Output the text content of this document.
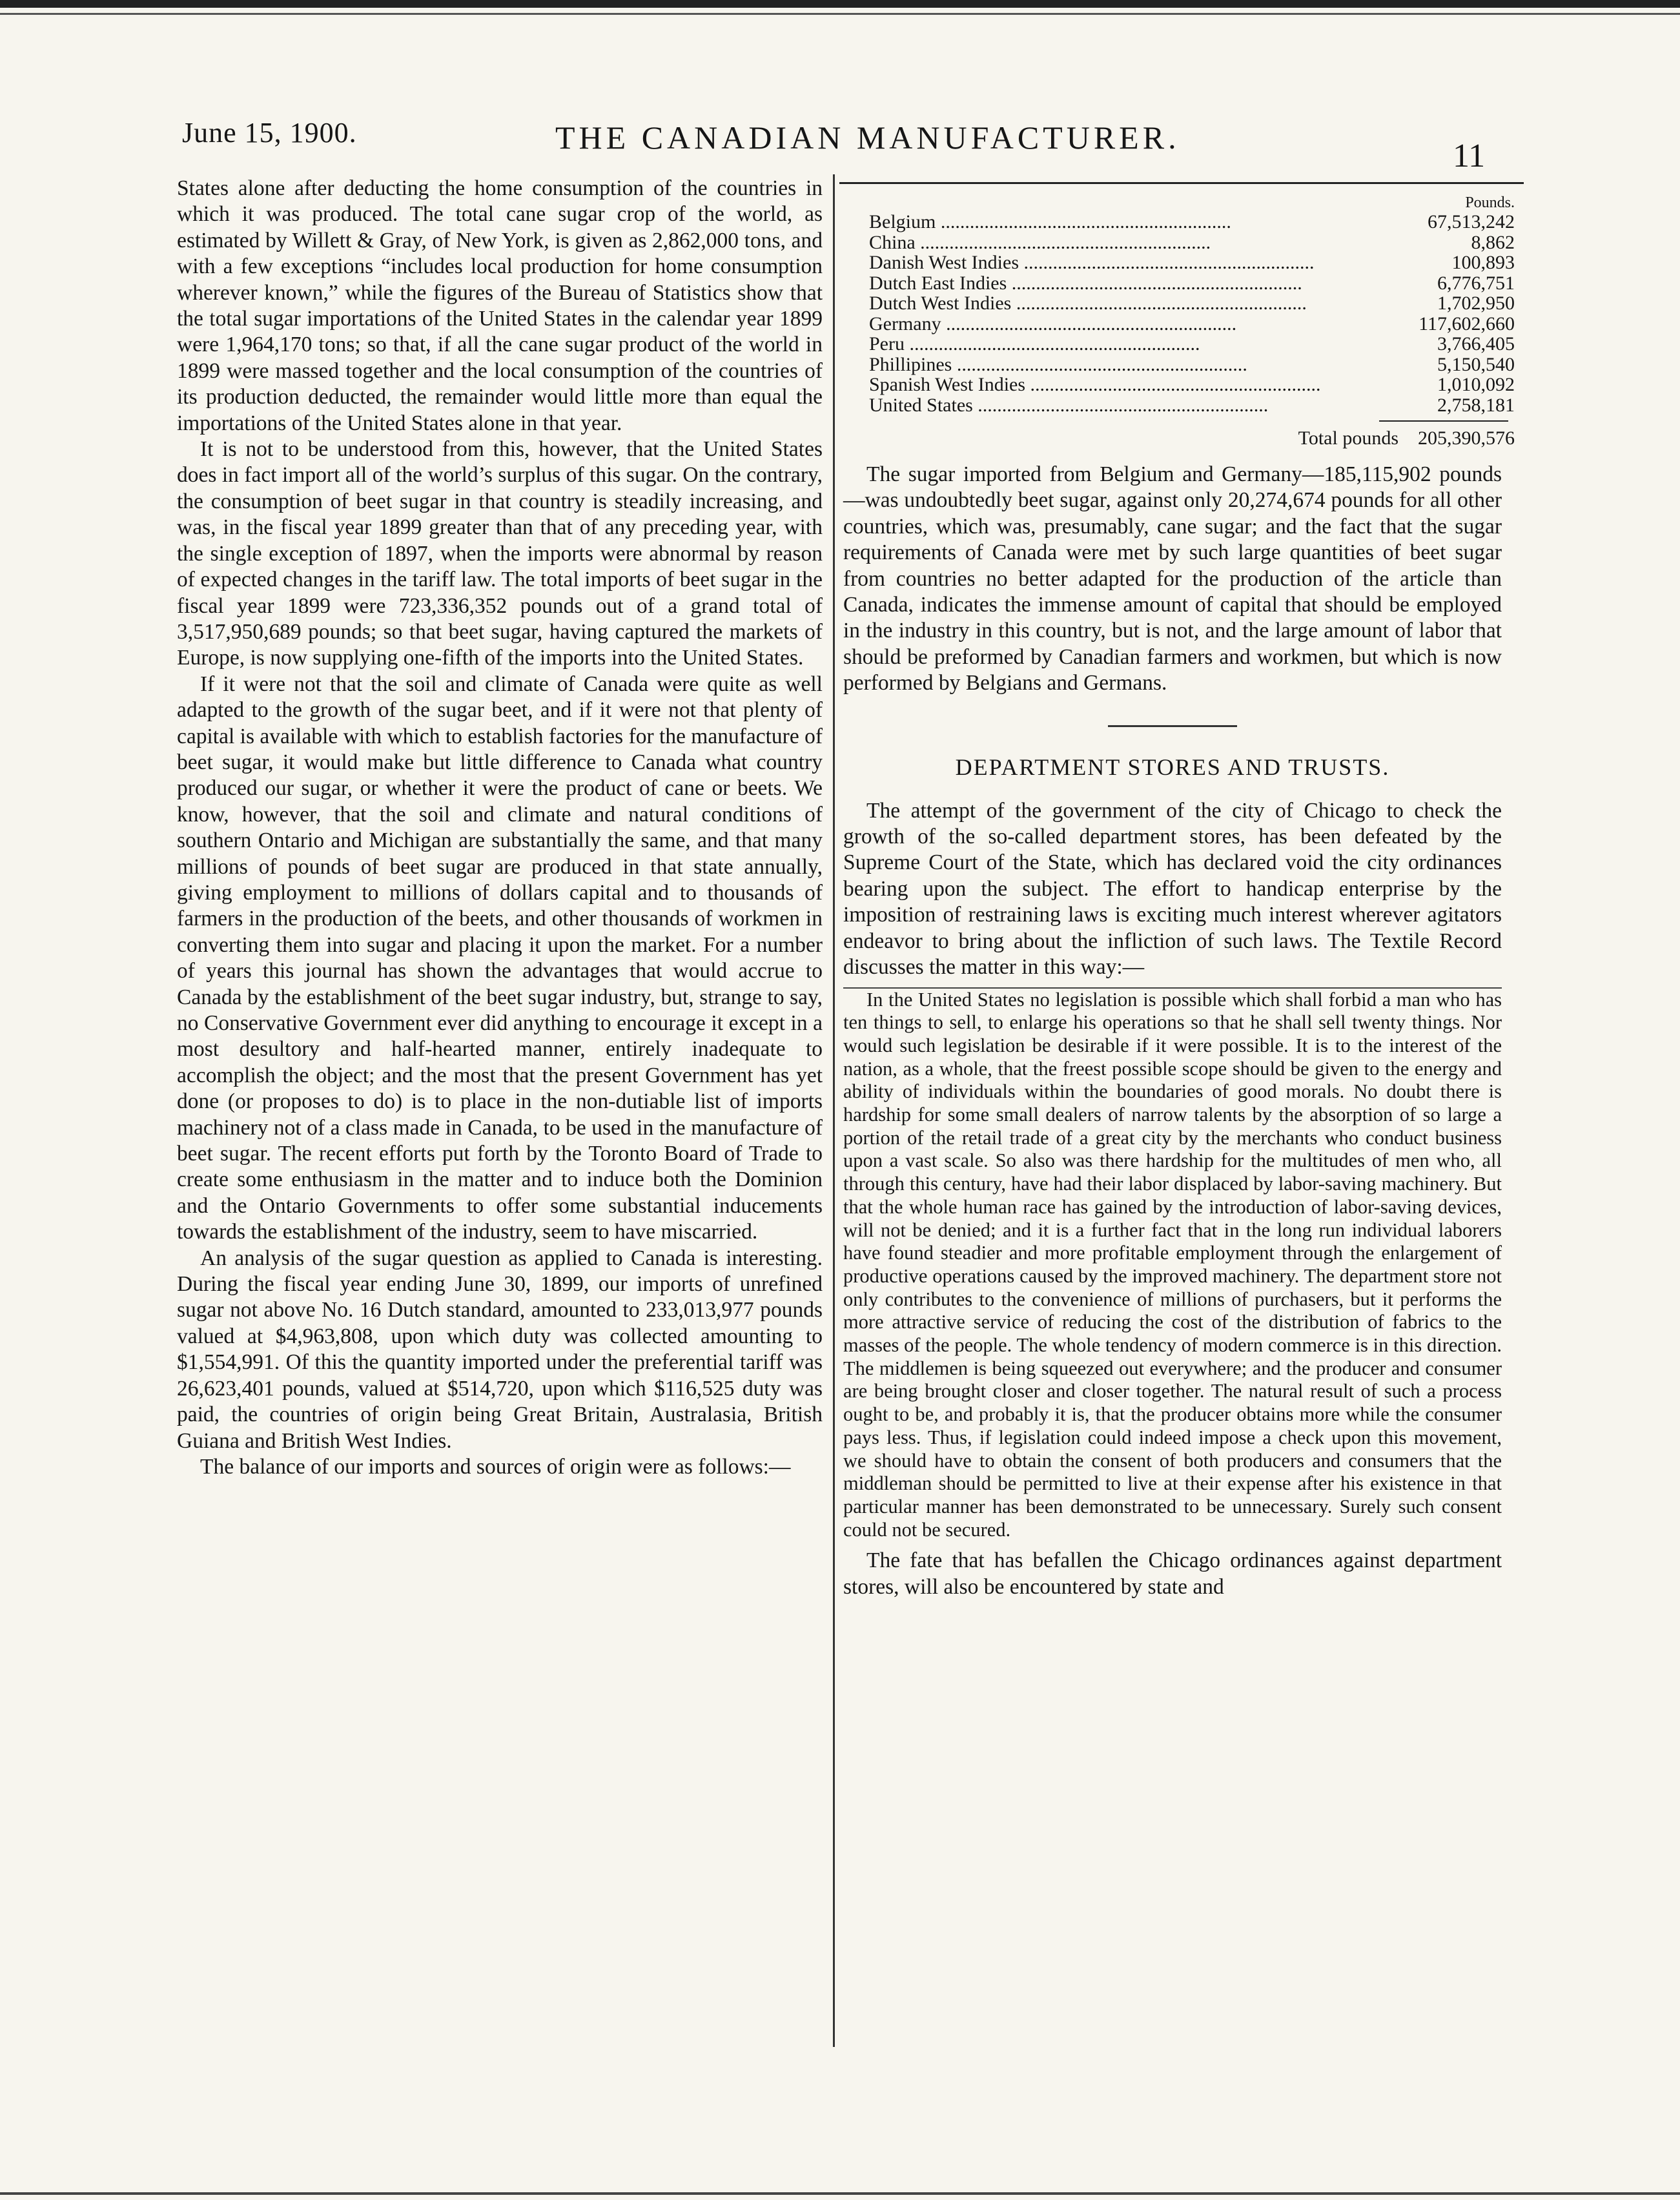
June 15, 1900.	THE CANADIAN MANUFACTURER.	11

States alone after deducting the home consumption of the countries in which it was produced. The total cane sugar crop of the world, as estimated by Willett & Gray, of New York, is given as 2,862,000 tons, and with a few exceptions “includes local production for home consumption wherever known,” while the figures of the Bureau of Statistics show that the total sugar importations of the United States in the calendar year 1899 were 1,964,170 tons; so that, if all the cane sugar product of the world in 1899 were massed together and the local consumption of the countries of its production deducted, the remainder would little more than equal the importations of the United States alone in that year.

It is not to be understood from this, however, that the United States does in fact import all of the world’s surplus of this sugar. On the contrary, the consumption of beet sugar in that country is steadily increasing, and was, in the fiscal year 1899 greater than that of any preceding year, with the single exception of 1897, when the imports were abnormal by reason of expected changes in the tariff law. The total imports of beet sugar in the fiscal year 1899 were 723,336,352 pounds out of a grand total of 3,517,950,689 pounds; so that beet sugar, having captured the markets of Europe, is now supplying one-fifth of the imports into the United States.

If it were not that the soil and climate of Canada were quite as well adapted to the growth of the sugar beet, and if it were not that plenty of capital is available with which to establish factories for the manufacture of beet sugar, it would make but little difference to Canada what country produced our sugar, or whether it were the product of cane or beets. We know, however, that the soil and climate and natural conditions of southern Ontario and Michigan are substantially the same, and that many millions of pounds of beet sugar are produced in that state annually, giving employment to millions of dollars capital and to thousands of farmers in the production of the beets, and other thousands of workmen in converting them into sugar and placing it upon the market. For a number of years this journal has shown the advantages that would accrue to Canada by the establishment of the beet sugar industry, but, strange to say, no Conservative Government ever did anything to encourage it except in a most desultory and half-hearted manner, entirely inadequate to accomplish the object; and the most that the present Government has yet done (or proposes to do) is to place in the non-dutiable list of imports machinery not of a class made in Canada, to be used in the manufacture of beet sugar. The recent efforts put forth by the Toronto Board of Trade to create some enthusiasm in the matter and to induce both the Dominion and the Ontario Governments to offer some substantial inducements towards the establishment of the industry, seem to have miscarried.

An analysis of the sugar question as applied to Canada is interesting. During the fiscal year ending June 30, 1899, our imports of unrefined sugar not above No. 16 Dutch standard, amounted to 233,013,977 pounds valued at $4,963,808, upon which duty was collected amounting to $1,554,991. Of this the quantity imported under the preferential tariff was 26,623,401 pounds, valued at $514,720, upon which $116,525 duty was paid, the countries of origin being Great Britain, Australasia, British Guiana and British West Indies.

The balance of our imports and sources of origin were as follows:—

Pounds.
Belgium ............................................................	67,513,242
China ............................................................	8,862
Danish West Indies ............................................................	100,893
Dutch East Indies ............................................................	6,776,751
Dutch West Indies ............................................................	1,702,950
Germany ............................................................	117,602,660
Peru ............................................................	3,766,405
Phillipines ............................................................	5,150,540
Spanish West Indies ............................................................	1,010,092
United States ............................................................	2,758,181
Total pounds 205,390,576

The sugar imported from Belgium and Germany—185,115,902 pounds—was undoubtedly beet sugar, against only 20,274,674 pounds for all other countries, which was, presumably, cane sugar; and the fact that the sugar requirements of Canada were met by such large quantities of beet sugar from countries no better adapted for the production of the article than Canada, indicates the immense amount of capital that should be employed in the industry in this country, but is not, and the large amount of labor that should be preformed by Canadian farmers and workmen, but which is now performed by Belgians and Germans.

DEPARTMENT STORES AND TRUSTS.

The attempt of the government of the city of Chicago to check the growth of the so-called department stores, has been defeated by the Supreme Court of the State, which has declared void the city ordinances bearing upon the subject. The effort to handicap enterprise by the imposition of restraining laws is exciting much interest wherever agitators endeavor to bring about the infliction of such laws. The Textile Record discusses the matter in this way:—

In the United States no legislation is possible which shall forbid a man who has ten things to sell, to enlarge his operations so that he shall sell twenty things. Nor would such legislation be desirable if it were possible. It is to the interest of the nation, as a whole, that the freest possible scope should be given to the energy and ability of individuals within the boundaries of good morals. No doubt there is hardship for some small dealers of narrow talents by the absorption of so large a portion of the retail trade of a great city by the merchants who conduct business upon a vast scale. So also was there hardship for the multitudes of men who, all through this century, have had their labor displaced by labor-saving machinery. But that the whole human race has gained by the introduction of labor-saving devices, will not be denied; and it is a further fact that in the long run individual laborers have found steadier and more profitable employment through the enlargement of productive operations caused by the improved machinery. The department store not only contributes to the convenience of millions of purchasers, but it performs the more attractive service of reducing the cost of the distribution of fabrics to the masses of the people. The whole tendency of modern commerce is in this direction. The middlemen is being squeezed out everywhere; and the producer and consumer are being brought closer and closer together. The natural result of such a process ought to be, and probably it is, that the producer obtains more while the consumer pays less. Thus, if legislation could indeed impose a check upon this movement, we should have to obtain the consent of both producers and consumers that the middleman should be permitted to live at their expense after his existence in that particular manner has been demonstrated to be unnecessary. Surely such consent could not be secured.

The fate that has befallen the Chicago ordinances against department stores, will also be encountered by state and
